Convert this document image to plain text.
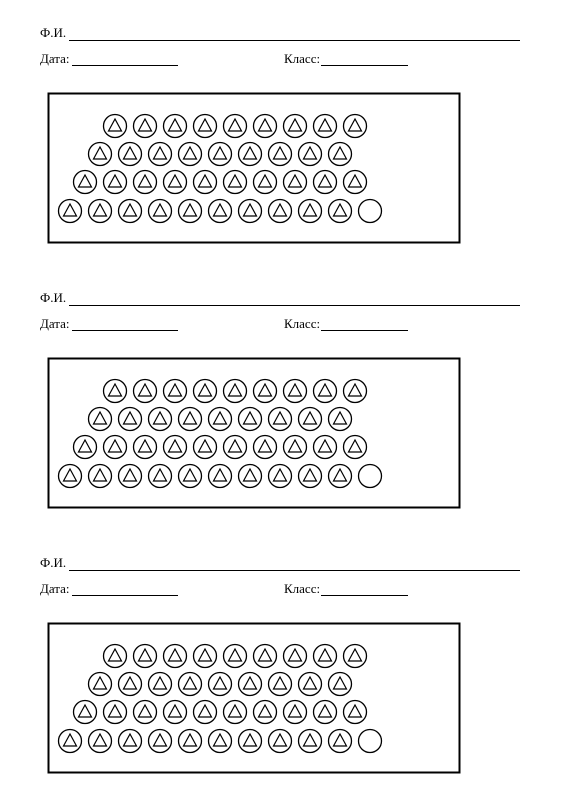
Ф.И.
Дата:	Класс:
Ф.И.
Дата:	Класс:
Ф.И.
Дата:	Класс:
